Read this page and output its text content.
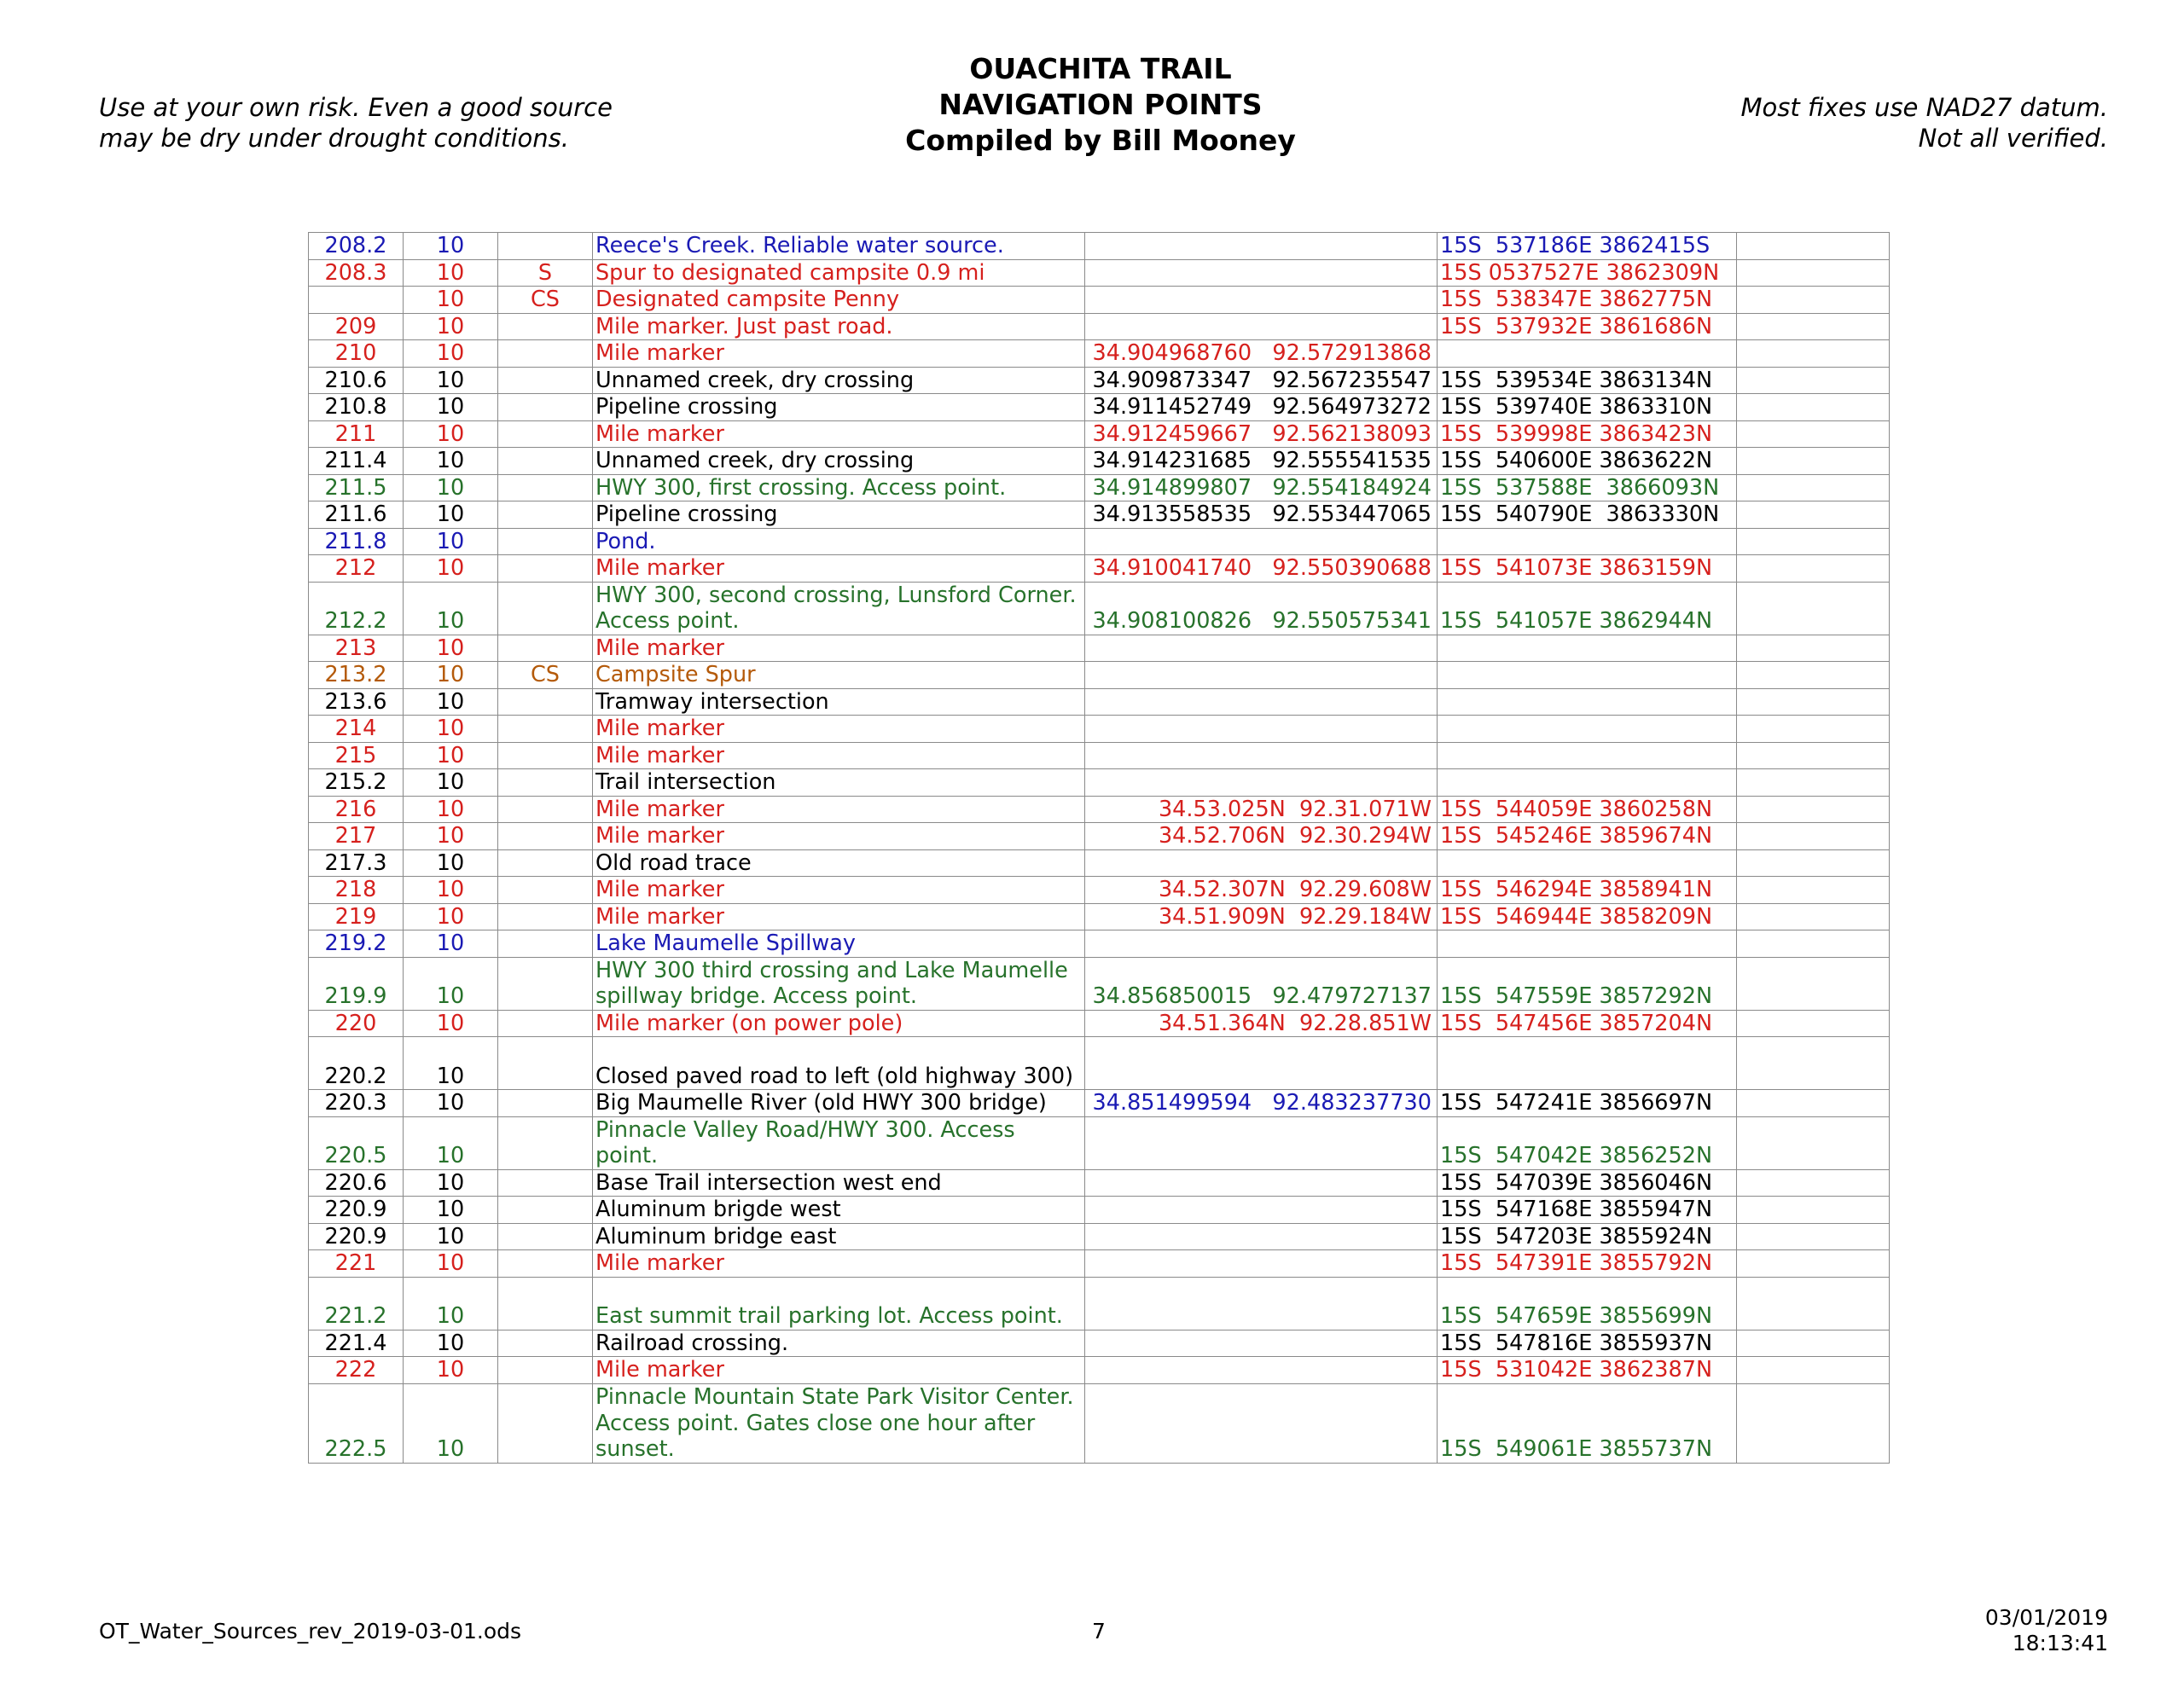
Use at your own risk. Even a good source
may be dry under drought conditions.
OUACHITA TRAIL
NAVIGATION POINTS
Compiled by Bill Mooney
Most fixes use NAD27 datum.
Not all verified.
208.2	10		Reece's Creek. Reliable water source.		15S  537186E 3862415S	
208.3	10	S	Spur to designated campsite 0.9 mi		15S 0537527E 3862309N	
	10	CS	Designated campsite Penny		15S  538347E 3862775N	
209	10		Mile marker. Just past road.		15S  537932E 3861686N	
210	10		Mile marker	34.904968760   92.572913868		
210.6	10		Unnamed creek, dry crossing	34.909873347   92.567235547	15S  539534E 3863134N	
210.8	10		Pipeline crossing	34.911452749   92.564973272	15S  539740E 3863310N	
211	10		Mile marker	34.912459667   92.562138093	15S  539998E 3863423N	
211.4	10		Unnamed creek, dry crossing	34.914231685   92.555541535	15S  540600E 3863622N	
211.5	10		HWY 300, first crossing. Access point.	34.914899807   92.554184924	15S  537588E  3866093N	
211.6	10		Pipeline crossing	34.913558535   92.553447065	15S  540790E  3863330N	
211.8	10		Pond.			
212	10		Mile marker	34.910041740   92.550390688	15S  541073E 3863159N	
212.2	10		HWY 300, second crossing, Lunsford Corner. Access point.	34.908100826   92.550575341	15S  541057E 3862944N	
213	10		Mile marker			
213.2	10	CS	Campsite Spur			
213.6	10		Tramway intersection			
214	10		Mile marker			
215	10		Mile marker			
215.2	10		Trail intersection			
216	10		Mile marker	34.53.025N  92.31.071W	15S  544059E 3860258N	
217	10		Mile marker	34.52.706N  92.30.294W	15S  545246E 3859674N	
217.3	10		Old road trace			
218	10		Mile marker	34.52.307N  92.29.608W	15S  546294E 3858941N	
219	10		Mile marker	34.51.909N  92.29.184W	15S  546944E 3858209N	
219.2	10		Lake Maumelle Spillway			
219.9	10		HWY 300 third crossing and Lake Maumelle spillway bridge. Access point.	34.856850015   92.479727137	15S  547559E 3857292N	
220	10		Mile marker (on power pole)	34.51.364N  92.28.851W	15S  547456E 3857204N	
220.2	10		Closed paved road to left (old highway 300)			
220.3	10		Big Maumelle River (old HWY 300 bridge)	34.851499594   92.483237730	15S  547241E 3856697N	
220.5	10		Pinnacle Valley Road/HWY 300. Access point.		15S  547042E 3856252N	
220.6	10		Base Trail intersection west end		15S  547039E 3856046N	
220.9	10		Aluminum brigde west		15S  547168E 3855947N	
220.9	10		Aluminum bridge east		15S  547203E 3855924N	
221	10		Mile marker		15S  547391E 3855792N	
221.2	10		East summit trail parking lot. Access point.		15S  547659E 3855699N	
221.4	10		Railroad crossing.		15S  547816E 3855937N	
222	10		Mile marker		15S  531042E 3862387N	
222.5	10		Pinnacle Mountain State Park Visitor Center. Access point. Gates close one hour after sunset.		15S  549061E 3855737N	
OT_Water_Sources_rev_2019-03-01.ods	7
03/01/2019
18:13:41
